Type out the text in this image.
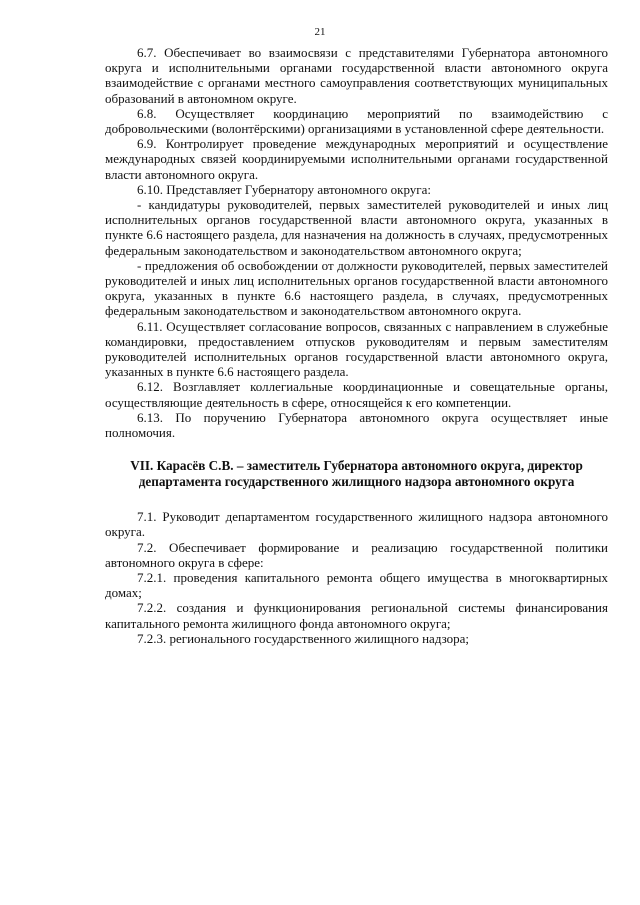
21

6.7. Обеспечивает во взаимосвязи с представителями Губернатора автономного округа и исполнительными органами государственной власти автономного округа взаимодействие с органами местного самоуправления соответствующих муниципальных образований в автономном округе.

6.8. Осуществляет координацию мероприятий по взаимодействию с добровольческими (волонтёрскими) организациями в установленной сфере деятельности.

6.9. Контролирует проведение международных мероприятий и осуществление международных связей координируемыми исполнительными органами государственной власти автономного округа.

6.10. Представляет Губернатору автономного округа:

- кандидатуры руководителей, первых заместителей руководителей и иных лиц исполнительных органов государственной власти автономного округа, указанных в пункте 6.6 настоящего раздела, для назначения на должность в случаях, предусмотренных федеральным законодательством и законодательством автономного округа;

- предложения об освобождении от должности руководителей, первых заместителей руководителей и иных лиц исполнительных органов государственной власти автономного округа, указанных в пункте 6.6 настоящего раздела, в случаях, предусмотренных федеральным законодательством и законодательством автономного округа.

6.11. Осуществляет согласование вопросов, связанных с направлением в служебные командировки, предоставлением отпусков руководителям и первым заместителям руководителей исполнительных органов государственной власти автономного округа, указанных в пункте 6.6 настоящего раздела.

6.12. Возглавляет коллегиальные координационные и совещательные органы, осуществляющие деятельность в сфере, относящейся к его компетенции.

6.13. По поручению Губернатора автономного округа осуществляет иные полномочия.

VII. Карасёв С.В. – заместитель Губернатора автономного округа, директор департамента государственного жилищного надзора автономного округа

7.1. Руководит департаментом государственного жилищного надзора автономного округа.

7.2. Обеспечивает формирование и реализацию государственной политики автономного округа в сфере:

7.2.1. проведения капитального ремонта общего имущества в многоквартирных домах;

7.2.2. создания и функционирования региональной системы финансирования капитального ремонта жилищного фонда автономного округа;

7.2.3. регионального государственного жилищного надзора;
